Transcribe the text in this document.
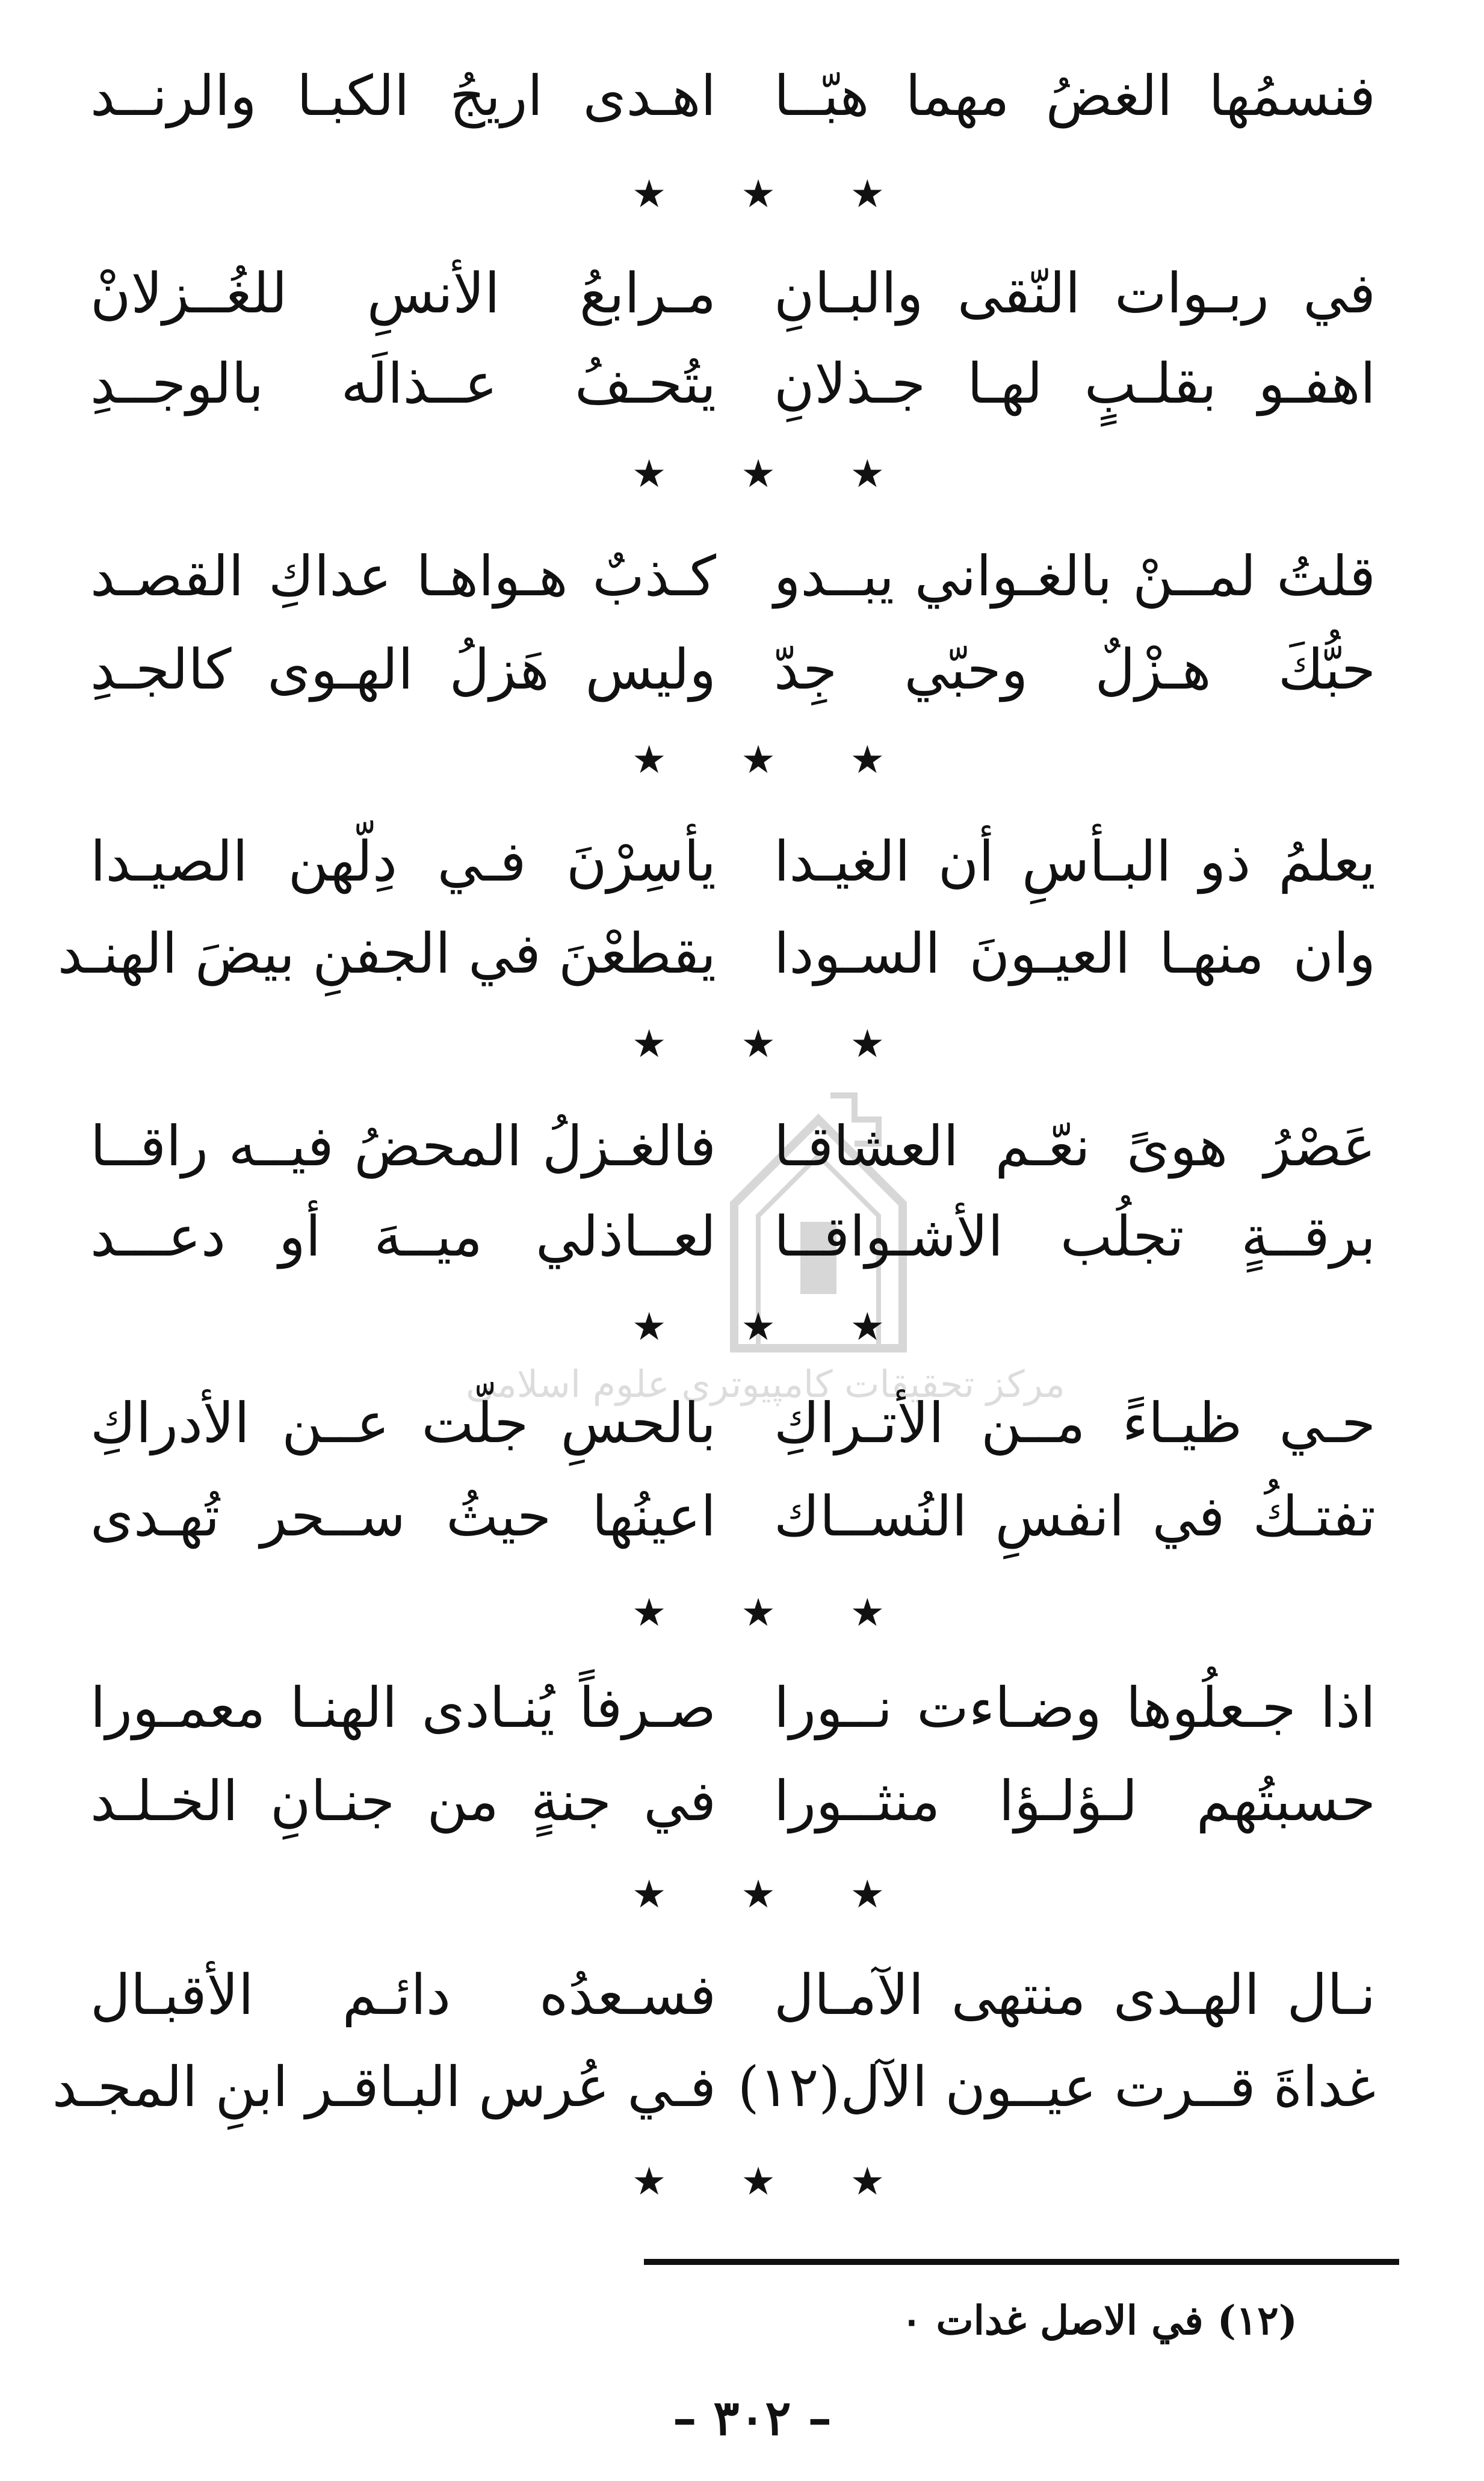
مركز تحقيقات كامپيوتری علوم اسلامی
فنسمُها الغضُ مهما هبّــا
اهـدى اريجُ الكبـا والرنــد
★ ★ ★
في ربـوات النّقى والبـانِ
مـرابعُ الأنسِ للغُــزلانْ
اهفـو بقلـبٍ لهـا جـذلانِ
يتُحـفُ عــذالَه بالوجــدِ
★ ★ ★
قلتُ لمــنْ بالغـواني يبــدو
كـذبٌ هـواهـا عداكِ القصـد
حبُّكَ هـزْلٌ وحبّي جِدّ
وليس هَزلُ الهـوى كالجـدِ
★ ★ ★
يعلمُ ذو البـأسِ أن الغيـدا
يأسِرْنَ فـي دِلّهن الصيـدا
وان منهـا العيـونَ السـودا
يقطعْنَ في الجفنِ بيضَ الهنـد
★ ★ ★
عَصْرُ هوىً نعّـم العشاقـا
فالغـزلُ المحضُ فيــه راقــا
برقــةٍ تجلُب الأشـواقــا
لعــاذلي ميــهَ أو دعـــد
★ ★ ★
حـي ظيـاءً مــن الأتـراكِ
بالحسِ جلّت عــن الأدراكِ
تفتـكُ في انفسِ النُســاك
اعينُها حيثُ ســحر تُهـدى
★ ★ ★
اذا جـعلُوها وضـاءت نــورا
صـرفاً يُنـادى الهنـا معمـورا
حسبتُهم لـؤلـؤا منثــورا
في جنةٍ من جنـانِ الخـلـد
★ ★ ★
نـال الهـدى منتهى الآمـال
فسـعدُه دائـم الأقبـال
غداةَ قــرت عيــون الآل(١٢)
فـي عُرس البـاقـر ابنِ المجـد
★ ★ ★
(١٢) في الاصل غدات ٠
– ٣٠٢ –
